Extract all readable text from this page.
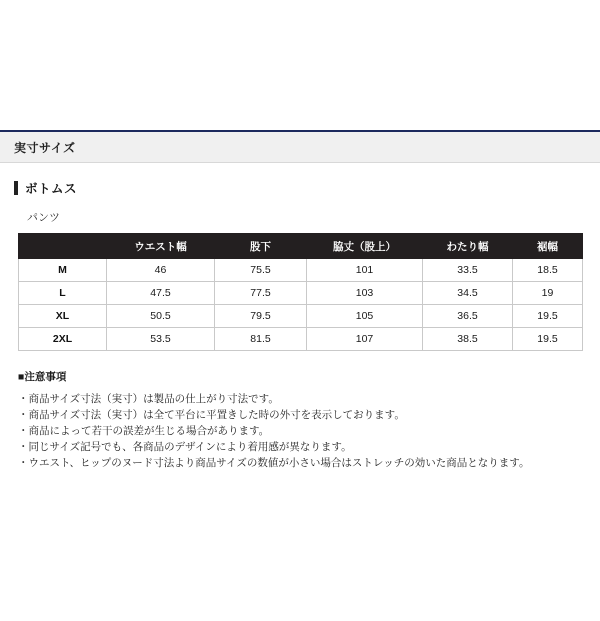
実寸サイズ
ボトムス
パンツ
	ウエスト幅	股下	脇丈（股上）	わたり幅	裾幅
M	46	75.5	101	33.5	18.5
L	47.5	77.5	103	34.5	19
XL	50.5	79.5	105	36.5	19.5
2XL	53.5	81.5	107	38.5	19.5
■注意事項
・商品サイズ寸法（実寸）は製品の仕上がり寸法です。
・商品サイズ寸法（実寸）は全て平台に平置きした時の外寸を表示しております。
・商品によって若干の誤差が生じる場合があります。
・同じサイズ記号でも、各商品のデザインにより着用感が異なります。
・ウエスト、ヒップのヌード寸法より商品サイズの数値が小さい場合はストレッチの効いた商品となります。
